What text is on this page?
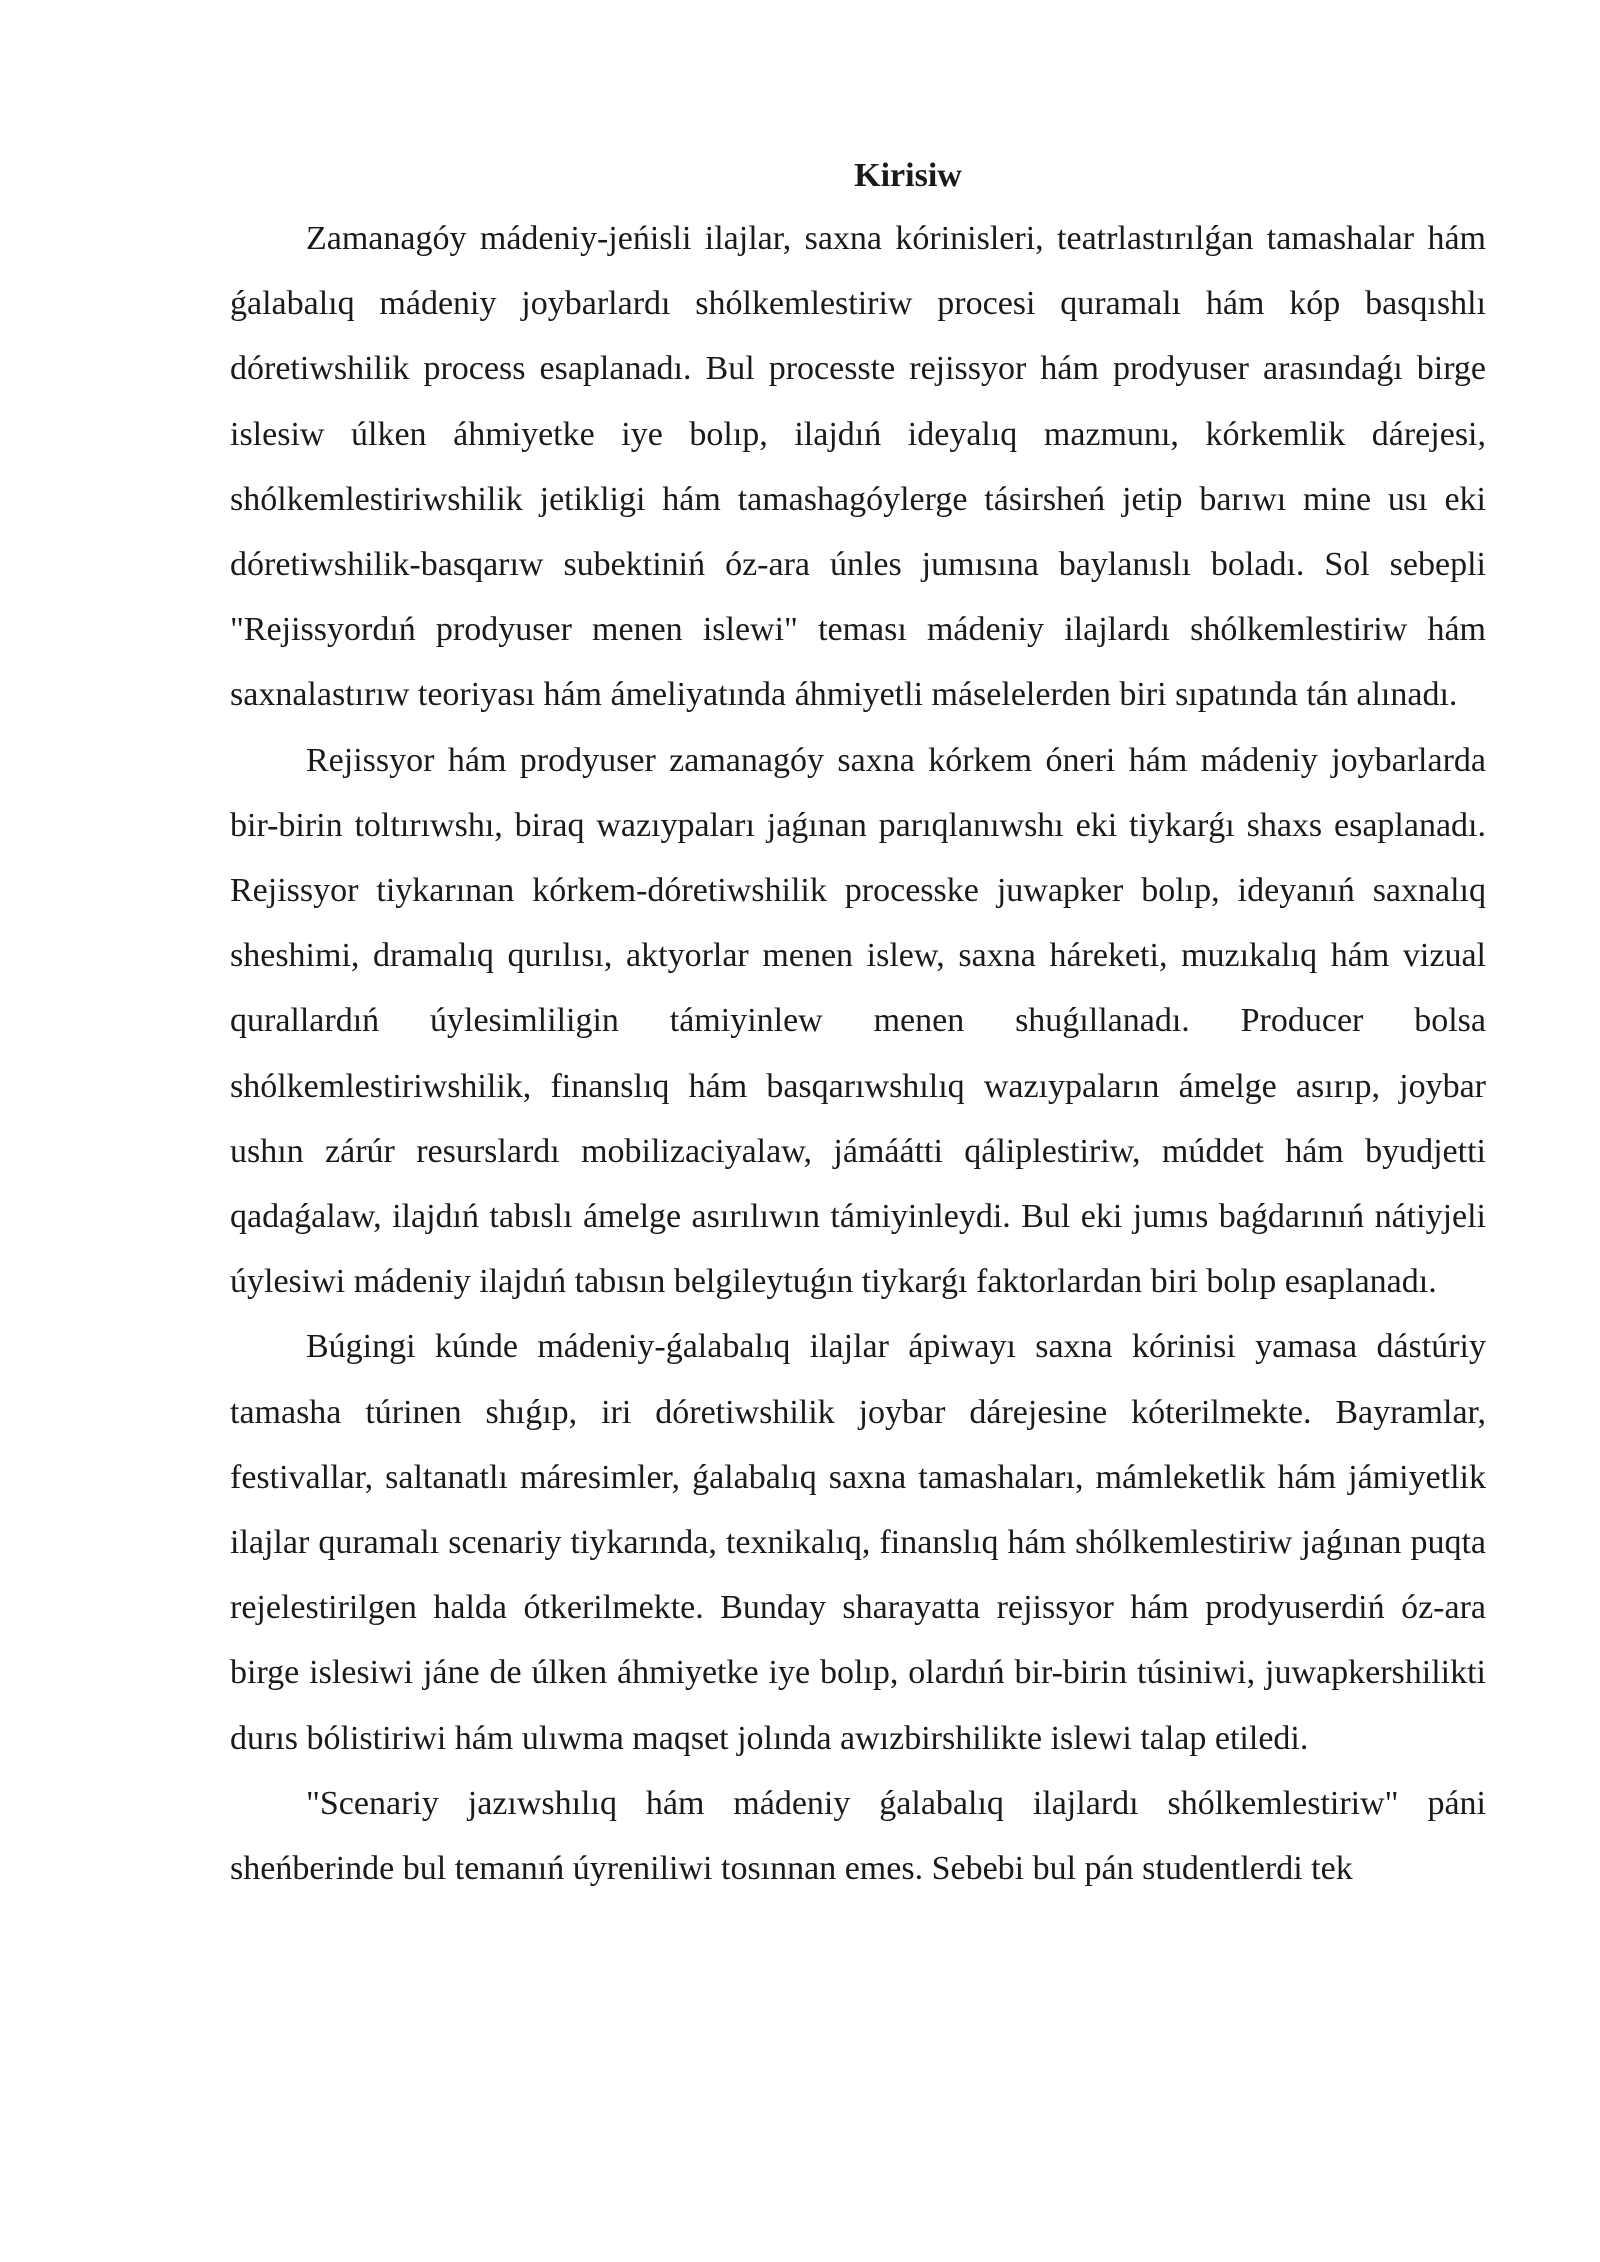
Kirisiw

Zamanagóy mádeniy-jeńisli ilajlar, saxna kórinisleri, teatrlastırılǵan tamashalar hám ǵalabalıq mádeniy joybarlardı shólkemlestiriw procesi quramalı hám kóp basqıshlı dóretiwshilik process esaplanadı. Bul processte rejissyor hám prodyuser arasındaǵı birge islesiw úlken áhmiyetke iye bolıp, ilajdıń ideyalıq mazmunı, kórkemlik dárejesi, shólkemlestiriwshilik jetikligi hám tamashagóylerge tásirsheń jetip barıwı mine usı eki dóretiwshilik-basqarıw subektiniń óz-ara únles jumısına baylanıslı boladı. Sol sebepli "Rejissyordıń prodyuser menen islewi" teması mádeniy ilajlardı shólkemlestiriw hám saxnalastırıw teoriyası hám ámeliyatında áhmiyetli máselelerden biri sıpatında tán alınadı.

Rejissyor hám prodyuser zamanagóy saxna kórkem óneri hám mádeniy joybarlarda bir-birin toltırıwshı, biraq wazıypaları jaǵınan parıqlanıwshı eki tiykarǵı shaxs esaplanadı. Rejissyor tiykarınan kórkem-dóretiwshilik processke juwapker bolıp, ideyanıń saxnalıq sheshimi, dramalıq qurılısı, aktyorlar menen islew, saxna háreketi, muzıkalıq hám vizual qurallardıń úylesimliligin támiyinlew menen shuǵıllanadı. Producer bolsa shólkemlestiriwshilik, finanslıq hám basqarıwshılıq wazıypaların ámelge asırıp, joybar ushın zárúr resurslardı mobilizaciyalaw, jámáátti qáliplestiriw, múddet hám byudjetti qadaǵalaw, ilajdıń tabıslı ámelge asırılıwın támiyinleydi. Bul eki jumıs baǵdarınıń nátiyjeli úylesiwi mádeniy ilajdıń tabısın belgileytuǵın tiykarǵı faktorlardan biri bolıp esaplanadı.

Búgingi kúnde mádeniy-ǵalabalıq ilajlar ápiwayı saxna kórinisi yamasa dástúriy tamasha túrinen shıǵıp, iri dóretiwshilik joybar dárejesine kóterilmekte. Bayramlar, festivallar, saltanatlı máresimler, ǵalabalıq saxna tamashaları, mámleketlik hám jámiyetlik ilajlar quramalı scenariy tiykarında, texnikalıq, finanslıq hám shólkemlestiriw jaǵınan puqta rejelestirilgen halda ótkerilmekte. Bunday sharayatta rejissyor hám prodyuserdiń óz-ara birge islesiwi jáne de úlken áhmiyetke iye bolıp, olardıń bir-birin túsiniwi, juwapkershilikti durıs bólistiriwi hám ulıwma maqset jolında awızbirshilikte islewi talap etiledi.

"Scenariy jazıwshılıq hám mádeniy ǵalabalıq ilajlardı shólkemlestiriw" páni sheńberinde bul temanıń úyreniliwi tosınnan emes. Sebebi bul pán studentlerdi tek
